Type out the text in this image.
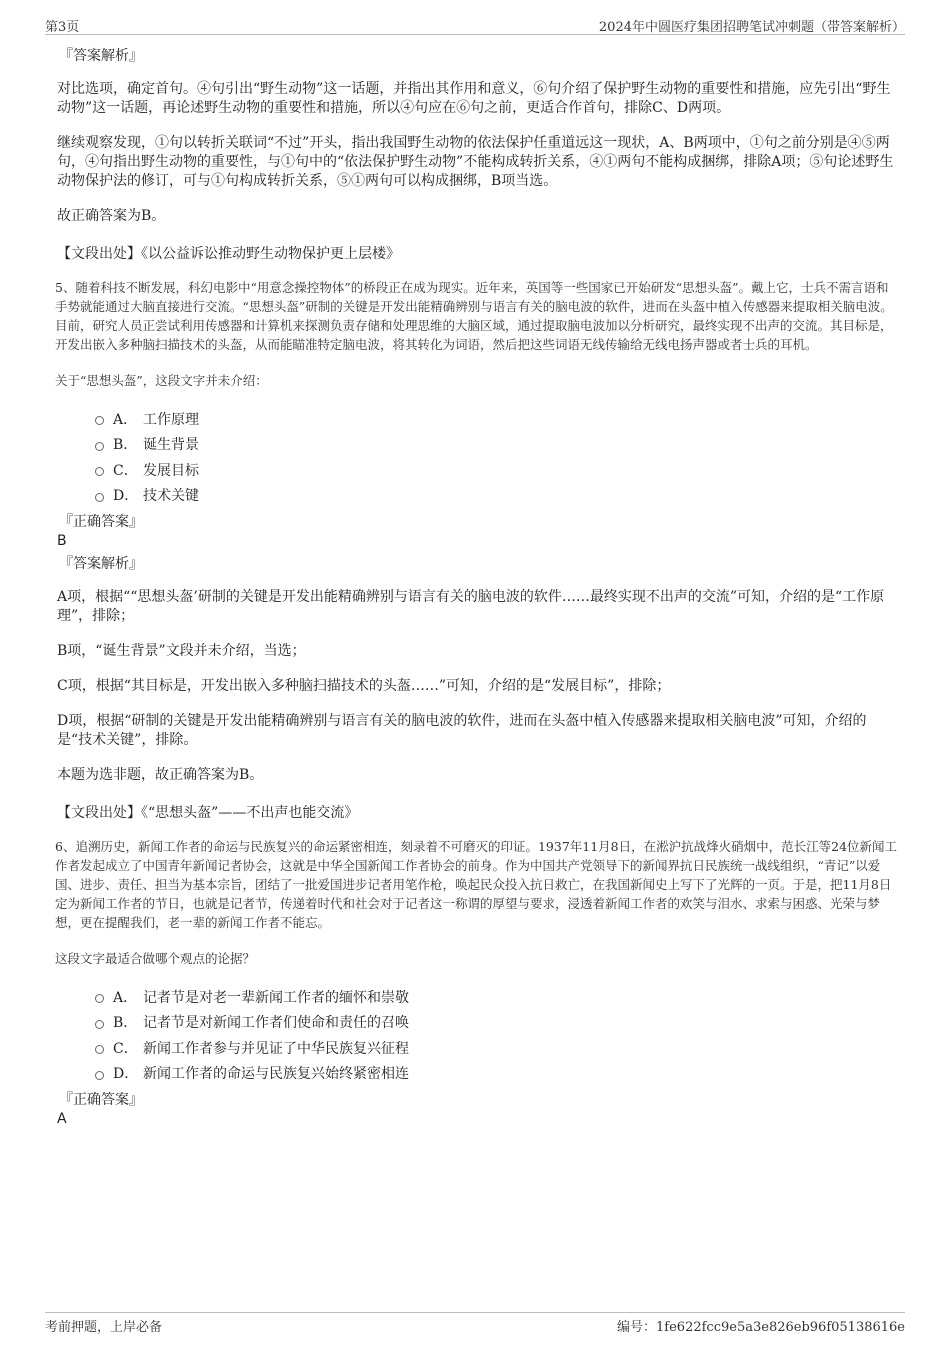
第3页	2024年中圆医疗集团招聘笔试冲刺题（带答案解析）
『答案解析』
对比选项，确定首句。④句引出“野生动物”这一话题，并指出其作用和意义，⑥句介绍了保护野生动物的重要性和措施，应先引出“野生动物”这一话题，再论述野生动物的重要性和措施，所以④句应在⑥句之前，更适合作首句，排除C、D两项。
继续观察发现，①句以转折关联词“不过”开头，指出我国野生动物的依法保护任重道远这一现状，A、B两项中，①句之前分别是④⑤两句，④句指出野生动物的重要性，与①句中的“依法保护野生动物”不能构成转折关系，④①两句不能构成捆绑，排除A项；⑤句论述野生动物保护法的修订，可与①句构成转折关系，⑤①两句可以构成捆绑，B项当选。
故正确答案为B。
【文段出处】《以公益诉讼推动野生动物保护更上层楼》
5、随着科技不断发展，科幻电影中“用意念操控物体”的桥段正在成为现实。近年来，英国等一些国家已开始研发“思想头盔”。戴上它，士兵不需言语和手势就能通过大脑直接进行交流。“思想头盔”研制的关键是开发出能精确辨别与语言有关的脑电波的软件，进而在头盔中植入传感器来提取相关脑电波。目前，研究人员正尝试利用传感器和计算机来探测负责存储和处理思维的大脑区域，通过提取脑电波加以分析研究，最终实现不出声的交流。其目标是，开发出嵌入多种脑扫描技术的头盔，从而能瞄准特定脑电波，将其转化为词语，然后把这些词语无线传输给无线电扬声器或者士兵的耳机。
关于“思想头盔”，这段文字并未介绍：
A． 工作原理
B． 诞生背景
C． 发展目标
D． 技术关键
『正确答案』
B
『答案解析』
A项，根据““思想头盔’研制的关键是开发出能精确辨别与语言有关的脑电波的软件……最终实现不出声的交流”可知，介绍的是“工作原理”，排除；
B项，“诞生背景”文段并未介绍，当选；
C项，根据“其目标是，开发出嵌入多种脑扫描技术的头盔……”可知，介绍的是“发展目标”，排除；
D项，根据“研制的关键是开发出能精确辨别与语言有关的脑电波的软件，进而在头盔中植入传感器来提取相关脑电波”可知，介绍的是“技术关键”，排除。
本题为选非题，故正确答案为B。
【文段出处】《“思想头盔”——不出声也能交流》
6、追溯历史，新闻工作者的命运与民族复兴的命运紧密相连，刻录着不可磨灭的印证。1937年11月8日，在淞沪抗战烽火硝烟中，范长江等24位新闻工作者发起成立了中国青年新闻记者协会，这就是中华全国新闻工作者协会的前身。作为中国共产党领导下的新闻界抗日民族统一战线组织，“青记”以爱国、进步、责任、担当为基本宗旨，团结了一批爱国进步记者用笔作枪，唤起民众投入抗日救亡，在我国新闻史上写下了光辉的一页。于是，把11月8日定为新闻工作者的节日，也就是记者节，传递着时代和社会对于记者这一称谓的厚望与要求，浸透着新闻工作者的欢笑与泪水、求索与困惑、光荣与梦想，更在提醒我们，老一辈的新闻工作者不能忘。
这段文字最适合做哪个观点的论据？
A． 记者节是对老一辈新闻工作者的缅怀和崇敬
B． 记者节是对新闻工作者们使命和责任的召唤
C． 新闻工作者参与并见证了中华民族复兴征程
D． 新闻工作者的命运与民族复兴始终紧密相连
『正确答案』
A
考前押题，上岸必备	编号：1fe622fcc9e5a3e826eb96f05138616e
